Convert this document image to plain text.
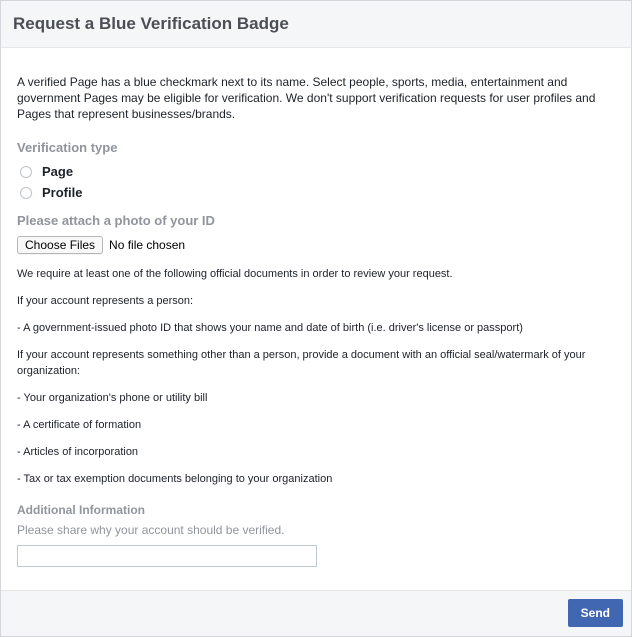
Request a Blue Verification Badge

A verified Page has a blue checkmark next to its name. Select people, sports, media, entertainment and government Pages may be eligible for verification. We don't support verification requests for user profiles and Pages that represent businesses/brands.

Verification type
Page
Profile
Please attach a photo of your ID
Choose Files	No file chosen

We require at least one of the following official documents in order to review your request.

If your account represents a person:

- A government-issued photo ID that shows your name and date of birth (i.e. driver's license or passport)

If your account represents something other than a person, provide a document with an official seal/watermark of your organization:

- Your organization's phone or utility bill

- A certificate of formation

- Articles of incorporation

- Tax or tax exemption documents belonging to your organization

Additional Information
Please share why your account should be verified.
Send
